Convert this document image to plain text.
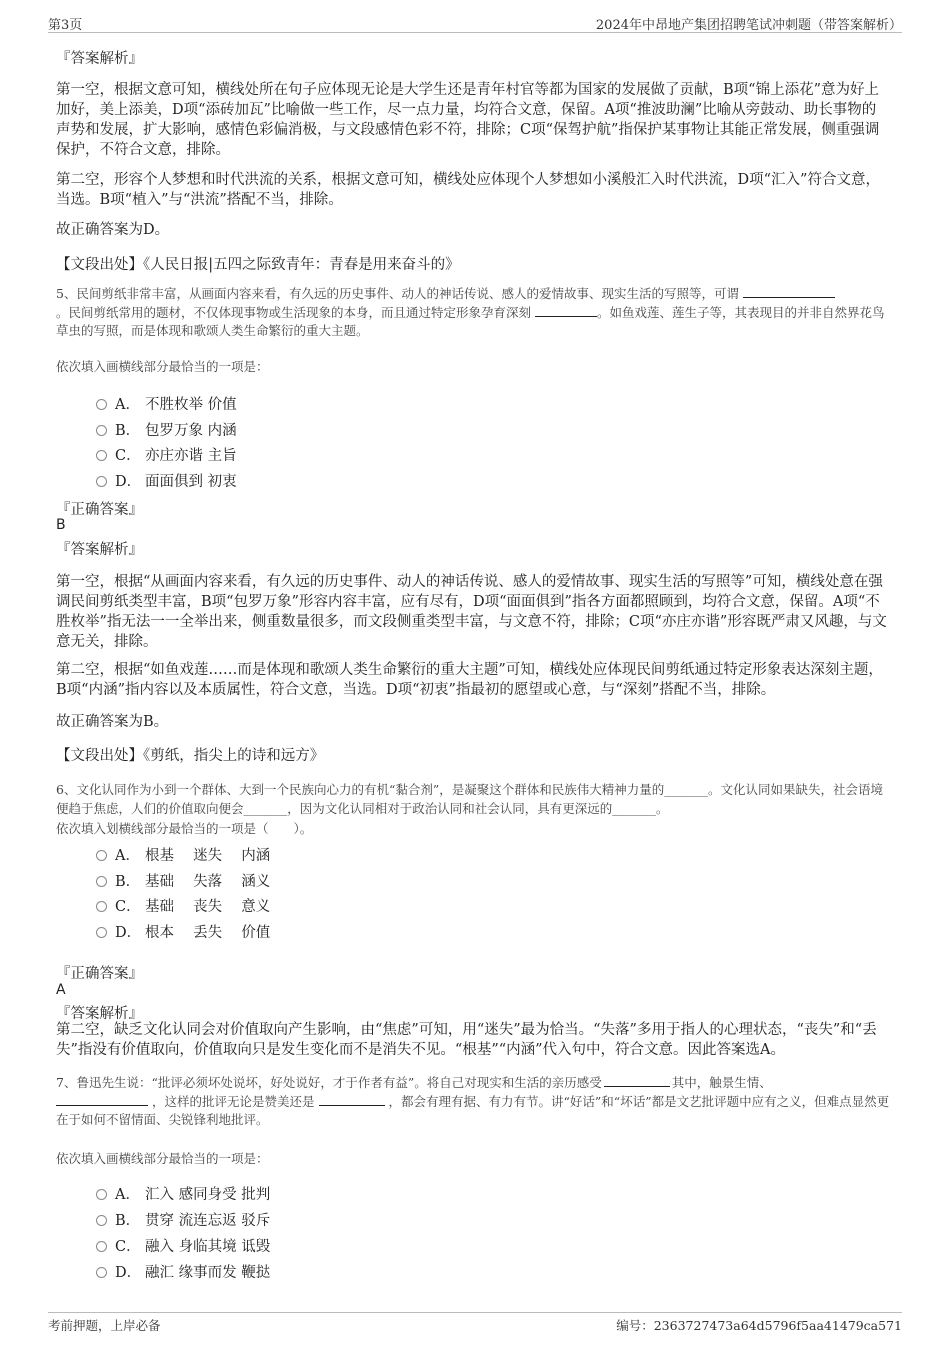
第3页	2024年中昂地产集团招聘笔试冲刺题（带答案解析）
『答案解析』
第一空，根据文意可知，横线处所在句子应体现无论是大学生还是青年村官等都为国家的发展做了贡献，B项“锦上添花”意为好上加好，美上添美，D项“添砖加瓦”比喻做一些工作，尽一点力量，均符合文意，保留。A项“推波助澜”比喻从旁鼓动、助长事物的声势和发展，扩大影响，感情色彩偏消极，与文段感情色彩不符，排除；C项“保驾护航”指保护某事物让其能正常发展，侧重强调保护，不符合文意，排除。
第二空，形容个人梦想和时代洪流的关系，根据文意可知，横线处应体现个人梦想如小溪般汇入时代洪流，D项“汇入”符合文意，当选。B项“植入”与“洪流”搭配不当，排除。
故正确答案为D。
【文段出处】《人民日报|五四之际致青年：青春是用来奋斗的》
5、民间剪纸非常丰富，从画面内容来看，有久远的历史事件、动人的神话传说、感人的爱情故事、现实生活的写照等，可谓
。民间剪纸常用的题材，不仅体现事物或生活现象的本身，而且通过特定形象孕育深刻	。如鱼戏莲、莲生子等，其表现目的并非自然界花鸟草虫的写照，而是体现和歌颂人类生命繁衍的重大主题。
依次填入画横线部分最恰当的一项是：
A． 不胜枚举 价值
B． 包罗万象 内涵
C． 亦庄亦谐 主旨
D． 面面俱到 初衷
『正确答案』
B
『答案解析』
第一空，根据“从画面内容来看，有久远的历史事件、动人的神话传说、感人的爱情故事、现实生活的写照等”可知，横线处意在强调民间剪纸类型丰富，B项“包罗万象”形容内容丰富，应有尽有，D项“面面俱到”指各方面都照顾到，均符合文意，保留。A项“不胜枚举”指无法一一全举出来，侧重数量很多，而文段侧重类型丰富，与文意不符，排除；C项“亦庄亦谐”形容既严肃又风趣，与文意无关，排除。
第二空，根据“如鱼戏莲……而是体现和歌颂人类生命繁衍的重大主题”可知，横线处应体现民间剪纸通过特定形象表达深刻主题，B项“内涵”指内容以及本质属性，符合文意，当选。D项“初衷”指最初的愿望或心意，与“深刻”搭配不当，排除。
故正确答案为B。
【文段出处】《剪纸，指尖上的诗和远方》
6、文化认同作为小到一个群体、大到一个民族向心力的有机“黏合剂”，是凝聚这个群体和民族伟大精神力量的_______。文化认同如果缺失，社会语境便趋于焦虑，人们的价值取向便会_______，因为文化认同相对于政治认同和社会认同，具有更深远的_______。
依次填入划横线部分最恰当的一项是（　　）。
A． 根基　 迷失　 内涵
B． 基础　 失落　 涵义
C． 基础　 丧失　 意义
D． 根本　 丢失　 价值
『正确答案』
A
『答案解析』
第二空，缺乏文化认同会对价值取向产生影响，由“焦虑”可知，用“迷失”最为恰当。“失落”多用于指人的心理状态，“丧失”和“丢失”指没有价值取向，价值取向只是发生变化而不是消失不见。“根基”“内涵”代入句中，符合文意。因此答案选A。
7、鲁迅先生说：“批评必须坏处说坏，好处说好，才于作者有益”。将自己对现实和生活的亲历感受	其中，触景生情、
，这样的批评无论是赞美还是	，都会有理有据、有力有节。讲“好话”和“坏话”都是文艺批评题中应有之义，但难点显然更在于如何不留情面、尖锐锋利地批评。
依次填入画横线部分最恰当的一项是：
A． 汇入 感同身受 批判
B． 贯穿 流连忘返 驳斥
C． 融入 身临其境 诋毁
D． 融汇 缘事而发 鞭挞
考前押题，上岸必备	编号：2363727473a64d5796f5aa41479ca571
